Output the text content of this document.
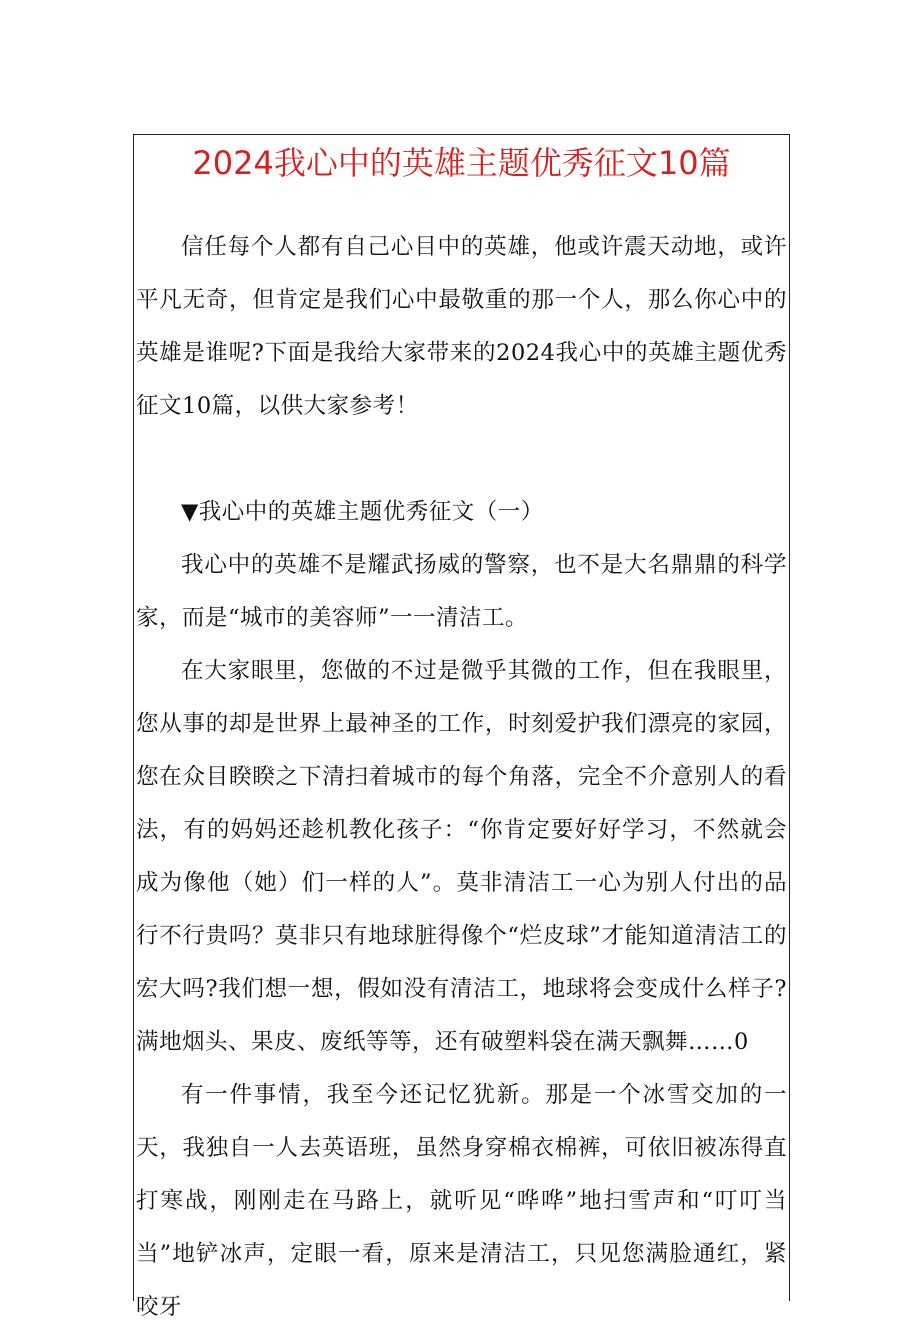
2024我心中的英雄主题优秀征文10篇

信任每个人都有自己心目中的英雄，他或许震天动地，或许平凡无奇，但肯定是我们心中最敬重的那一个人，那么你心中的英雄是谁呢?下面是我给大家带来的2024我心中的英雄主题优秀征文10篇，以供大家参考！

▼我心中的英雄主题优秀征文（一）

我心中的英雄不是耀武扬威的警察，也不是大名鼎鼎的科学家，而是“城市的美容师”一一清洁工。

在大家眼里，您做的不过是微乎其微的工作，但在我眼里，您从事的却是世界上最神圣的工作，时刻爱护我们漂亮的家园，您在众目睽睽之下清扫着城市的每个角落，完全不介意别人的看法，有的妈妈还趁机教化孩子：“你肯定要好好学习，不然就会成为像他（她）们一样的人”。莫非清洁工一心为别人付出的品行不行贵吗？莫非只有地球脏得像个“烂皮球”才能知道清洁工的宏大吗?我们想一想，假如没有清洁工，地球将会变成什么样子?满地烟头、果皮、废纸等等，还有破塑料袋在满天飘舞……0

有一件事情，我至今还记忆犹新。那是一个冰雪交加的一天，我独自一人去英语班，虽然身穿棉衣棉裤，可依旧被冻得直打寒战，刚刚走在马路上，就听见“哗哗”地扫雪声和“叮叮当当”地铲冰声，定眼一看，原来是清洁工，只见您满脸通红，紧咬牙
